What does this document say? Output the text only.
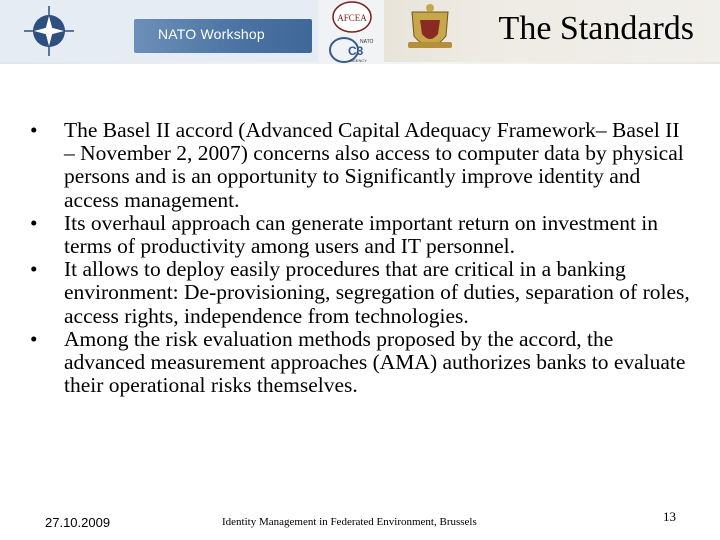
NATO Workshop
AFCEA
NATO
C3
AGENCY
The Standards
• The Basel II accord (Advanced Capital Adequacy Framework– Basel II – November 2, 2007) concerns also access to computer data by physical persons and is an opportunity to Significantly improve identity and access management.
• Its overhaul approach can generate important return on investment in terms of productivity among users and IT personnel.
• It allows to deploy easily procedures that are critical in a banking environment: De-provisioning, segregation of duties, separation of roles, access rights, independence from technologies.
• Among the risk evaluation methods proposed by the accord, the advanced measurement approaches (AMA) authorizes banks to evaluate their operational risks themselves.
27.10.2009	Identity Management in Federated Environment, Brussels	13
